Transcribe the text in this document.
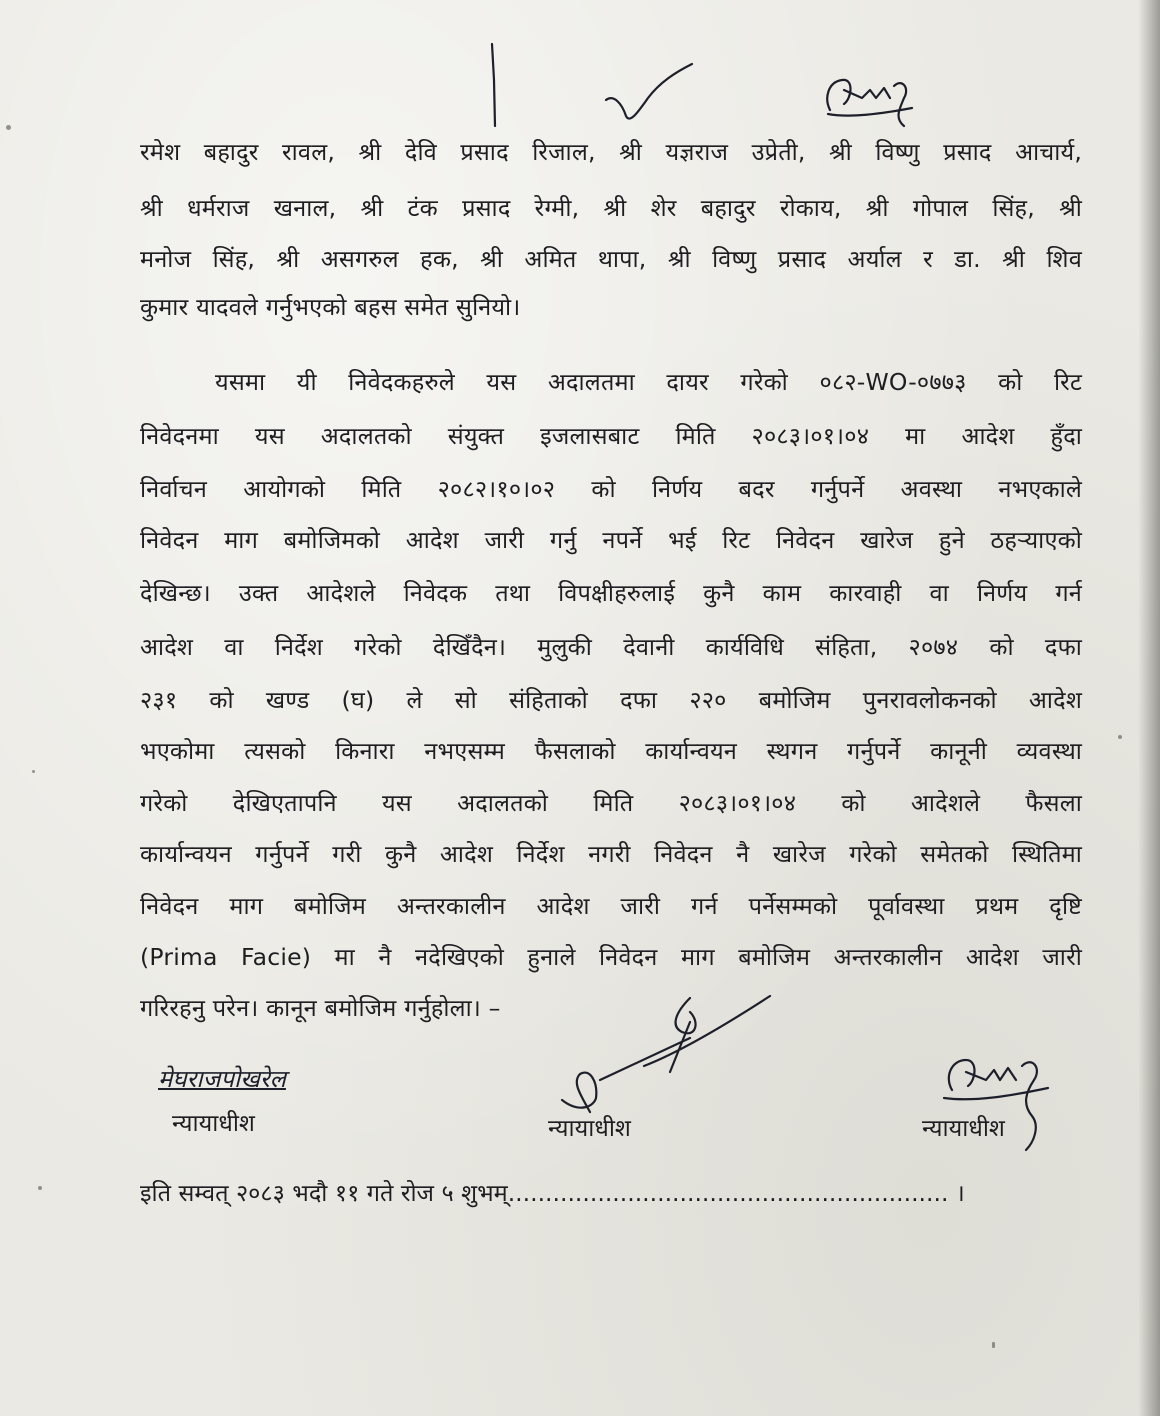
रमेश बहादुर रावल, श्री देवि प्रसाद रिजाल, श्री यज्ञराज उप्रेती, श्री विष्णु प्रसाद आचार्य,
श्री धर्मराज खनाल, श्री टंक प्रसाद रेग्मी, श्री शेर बहादुर रोकाय, श्री गोपाल सिंह, श्री
मनोज सिंह, श्री असगरुल हक, श्री अमित थापा, श्री विष्णु प्रसाद अर्याल र डा. श्री शिव
कुमार यादवले गर्नुभएको बहस समेत सुनियो।
यसमा यी निवेदकहरुले यस अदालतमा दायर गरेको ०८२-WO-०७७३ को रिट
निवेदनमा यस अदालतको संयुक्त इजलासबाट मिति २०८३।०१।०४ मा आदेश हुँदा
निर्वाचन आयोगको मिति २०८२।१०।०२ को निर्णय बदर गर्नुपर्ने अवस्था नभएकाले
निवेदन माग बमोजिमको आदेश जारी गर्नु नपर्ने भई रिट निवेदन खारेज हुने ठहऱ्याएको
देखिन्छ। उक्त आदेशले निवेदक तथा विपक्षीहरुलाई कुनै काम कारवाही वा निर्णय गर्न
आदेश वा निर्देश गरेको देखिँदैन। मुलुकी देवानी कार्यविधि संहिता, २०७४ को दफा
२३१ को खण्ड (घ) ले सो संहिताको दफा २२० बमोजिम पुनरावलोकनको आदेश
भएकोमा त्यसको किनारा नभएसम्म फैसलाको कार्यान्वयन स्थगन गर्नुपर्ने कानूनी व्यवस्था
गरेको देखिएतापनि यस अदालतको मिति २०८३।०१।०४ को आदेशले फैसला
कार्यान्वयन गर्नुपर्ने गरी कुनै आदेश निर्देश नगरी निवेदन नै खारेज गरेको समेतको स्थितिमा
निवेदन माग बमोजिम अन्तरकालीन आदेश जारी गर्न पर्नेसम्मको पूर्वावस्था प्रथम दृष्टि
(Prima Facie) मा नै नदेखिएको हुनाले निवेदन माग बमोजिम अन्तरकालीन आदेश जारी
गरिरहनु परेन। कानून बमोजिम गर्नुहोला। –
मेघराजपोखरेल
न्यायाधीश	न्यायाधीश	न्यायाधीश
इति सम्वत् २०८३ भदौ ११ गते रोज ५ शुभम्........................................................... ।
